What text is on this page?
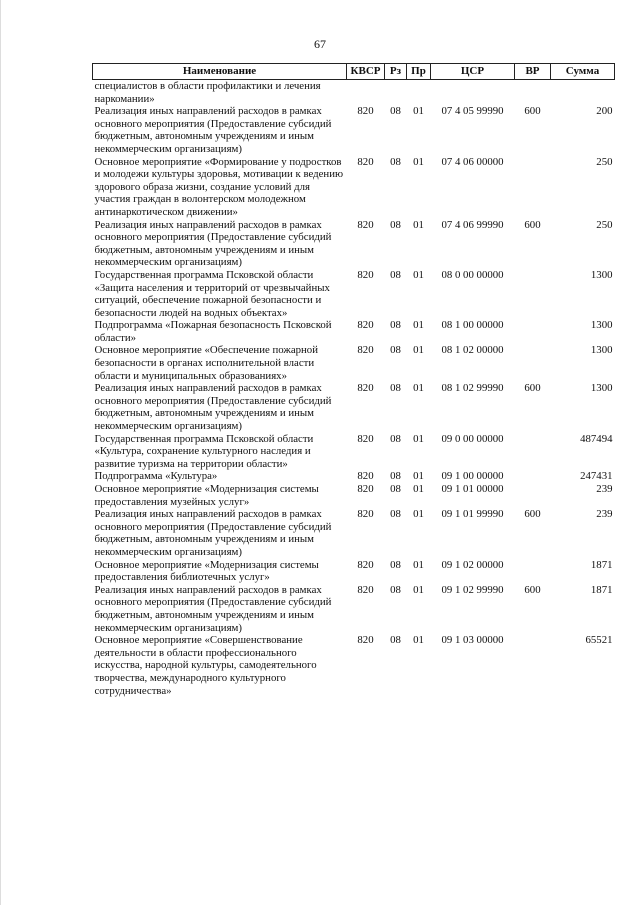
67
Наименование	КВСР	Рз	Пр	ЦСР	ВР	Сумма
специалистов в области профилактики и лечения наркомании»						
Реализация иных направлений расходов в рамках основного мероприятия (Предоставление субсидий бюджетным, автономным учреждениям и иным некоммерческим организациям)	820	08	01	07 4 05 99990	600	200
Основное мероприятие «Формирование у подростков и молодежи культуры здоровья, мотивации к ведению здорового образа жизни, создание условий для участия граждан в волонтерском молодежном антинаркотическом движении»	820	08	01	07 4 06 00000		250
Реализация иных направлений расходов в рамках основного мероприятия (Предоставление субсидий бюджетным, автономным учреждениям и иным некоммерческим организациям)	820	08	01	07 4 06 99990	600	250
Государственная программа Псковской области «Защита населения и территорий от чрезвычайных ситуаций, обеспечение пожарной безопасности и безопасности людей на водных объектах»	820	08	01	08 0 00 00000		1300
Подпрограмма «Пожарная безопасность Псковской области»	820	08	01	08 1 00 00000		1300
Основное мероприятие «Обеспечение пожарной безопасности в органах исполнительной власти области и муниципальных образованиях»	820	08	01	08 1 02 00000		1300
Реализация иных направлений расходов в рамках основного мероприятия (Предоставление субсидий бюджетным, автономным учреждениям и иным некоммерческим организациям)	820	08	01	08 1 02 99990	600	1300
Государственная программа Псковской области «Культура, сохранение культурного наследия и развитие туризма на территории области»	820	08	01	09 0 00 00000		487494
Подпрограмма «Культура»	820	08	01	09 1 00 00000		247431
Основное мероприятие «Модернизация системы предоставления музейных услуг»	820	08	01	09 1 01 00000		239
Реализация иных направлений расходов в рамках основного мероприятия (Предоставление субсидий бюджетным, автономным учреждениям и иным некоммерческим организациям)	820	08	01	09 1 01 99990	600	239
Основное мероприятие «Модернизация системы предоставления библиотечных услуг»	820	08	01	09 1 02 00000		1871
Реализация иных направлений расходов в рамках основного мероприятия (Предоставление субсидий бюджетным, автономным учреждениям и иным некоммерческим организациям)	820	08	01	09 1 02 99990	600	1871
Основное мероприятие «Совершенствование деятельности в области профессионального искусства, народной культуры, самодеятельного творчества, международного культурного сотрудничества»	820	08	01	09 1 03 00000		65521
